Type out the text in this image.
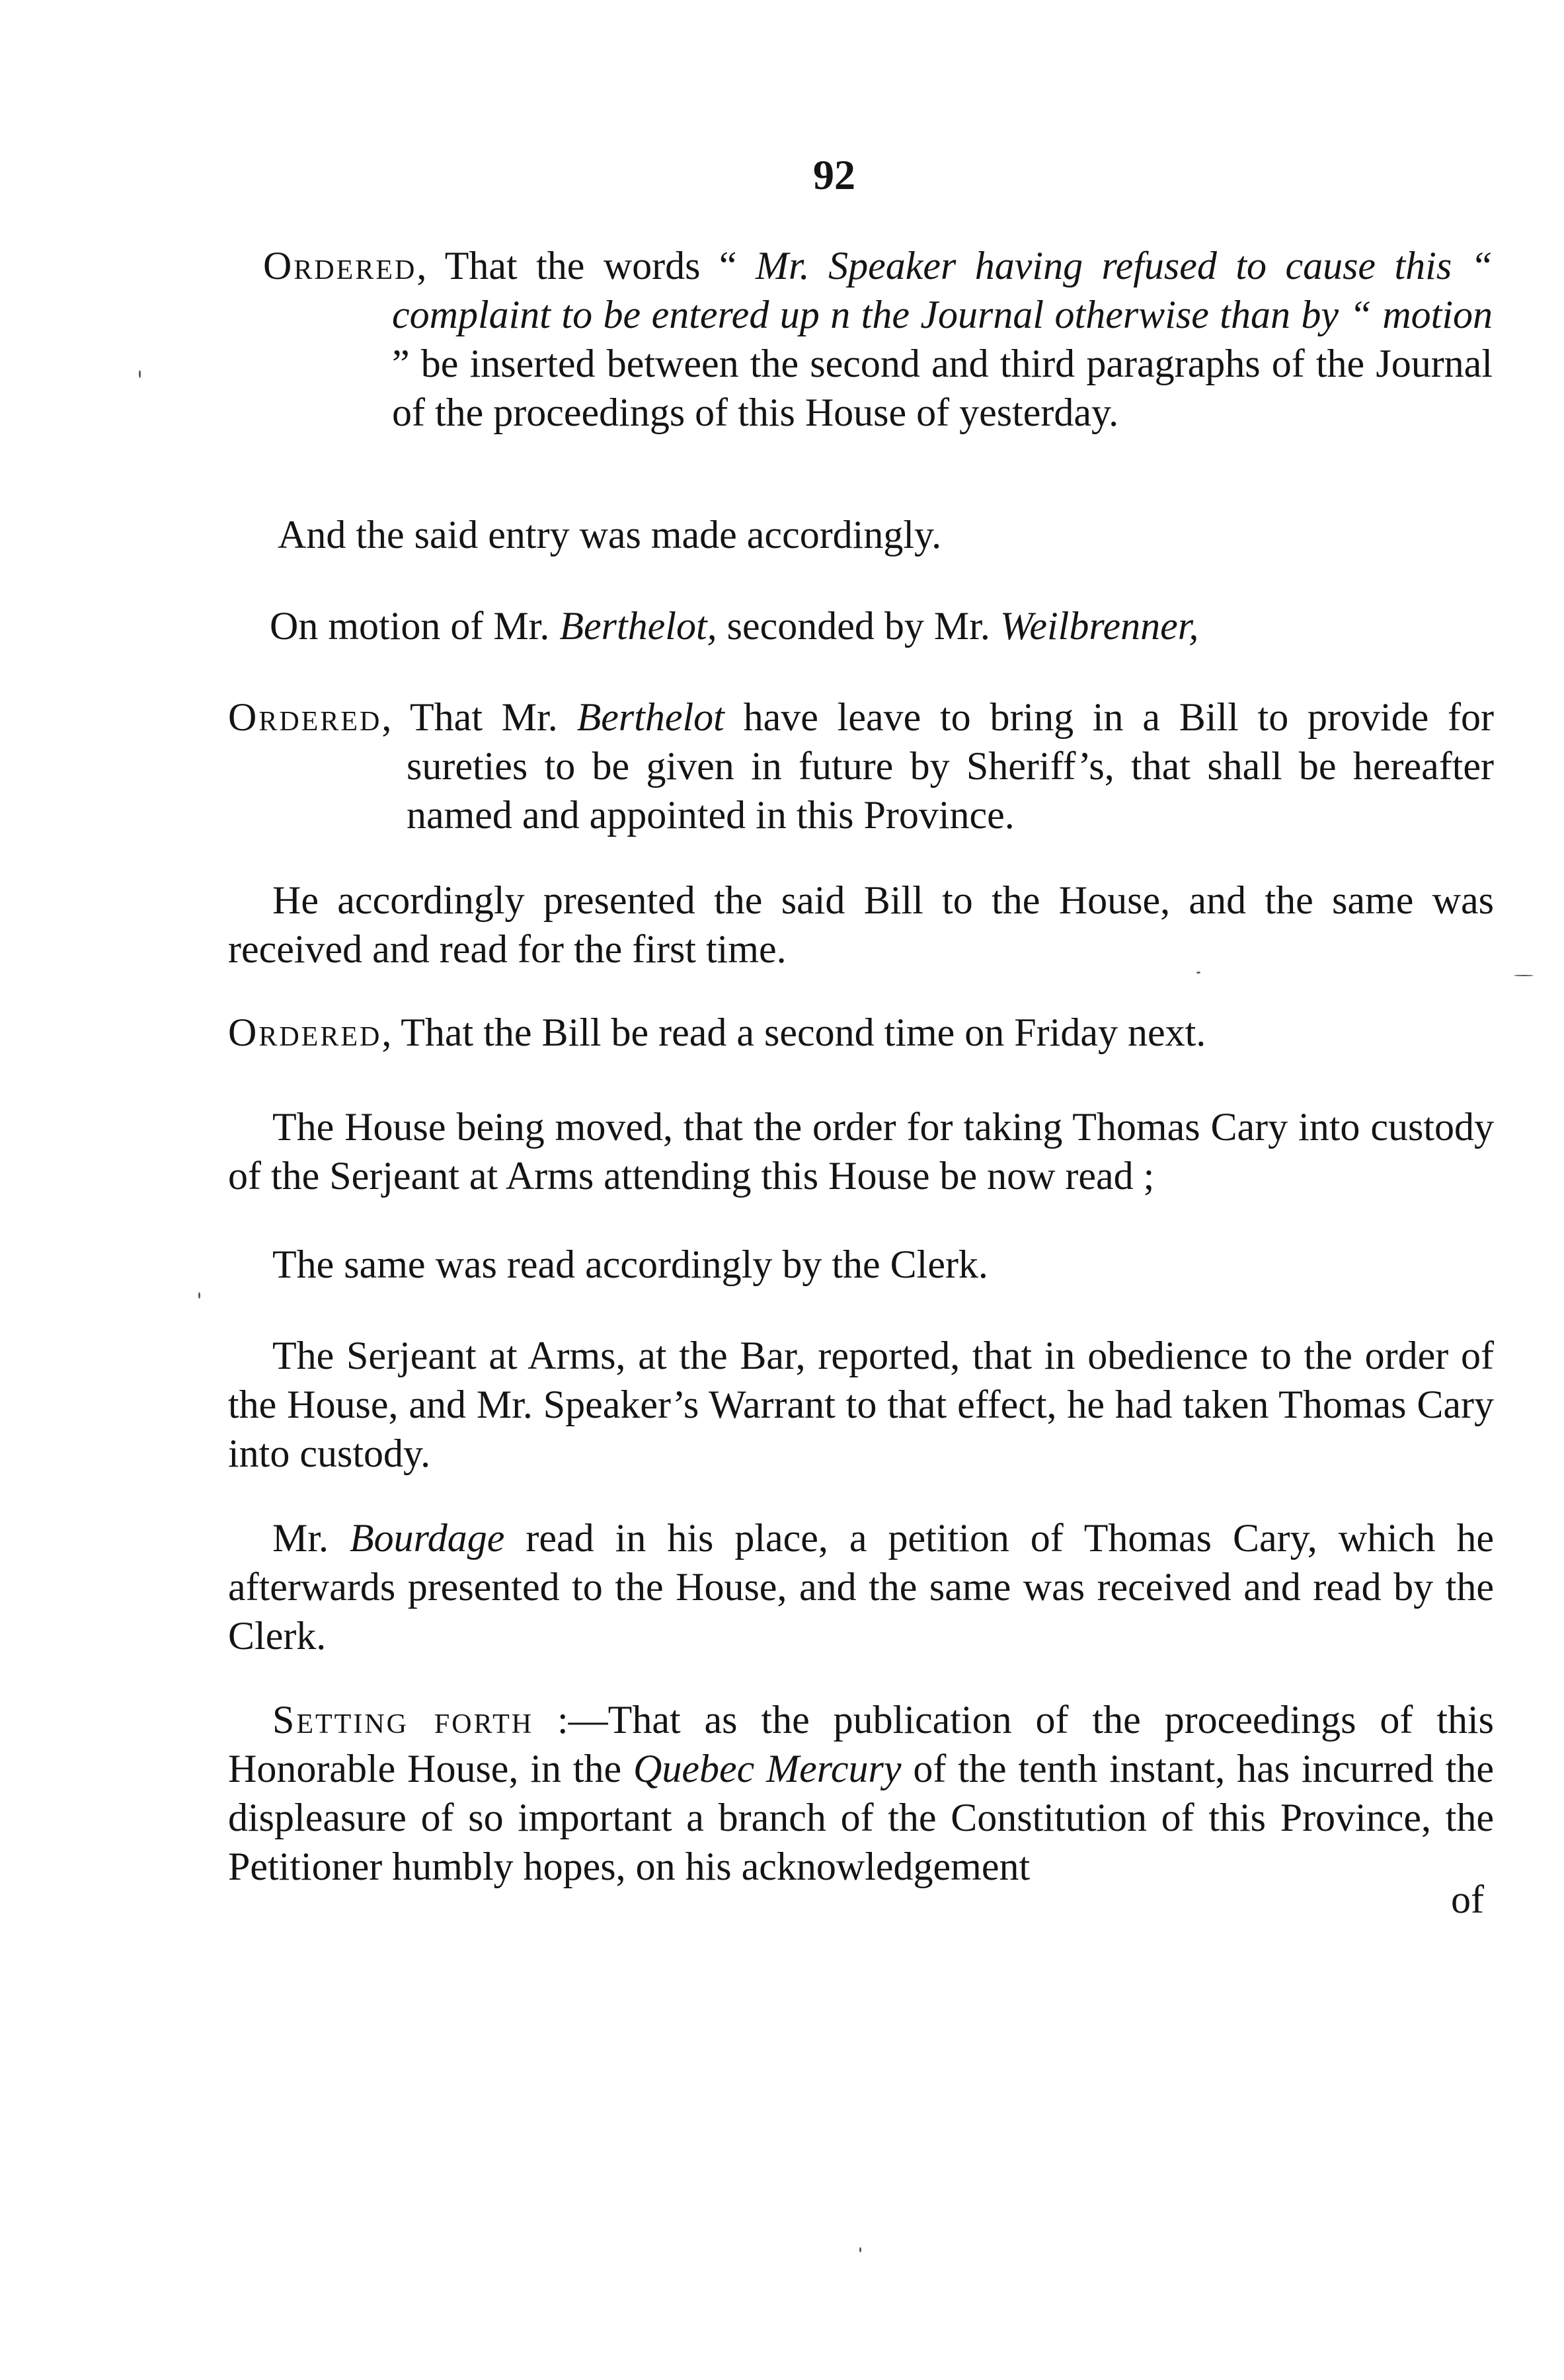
92
Ordered, That the words “ Mr. Speaker having refused to cause this “ complaint to be entered up n the Journal otherwise than by “ motion ” be inserted between the second and third paragraphs of the Journal of the proceedings of this House of yesterday.
And the said entry was made accordingly.
On motion of Mr. Berthelot, seconded by Mr. Weilbrenner,
Ordered, That Mr. Berthelot have leave to bring in a Bill to provide for sureties to be given in future by Sheriff’s, that shall be hereafter named and appointed in this Province.
He accordingly presented the said Bill to the House, and the same was received and read for the first time.
Ordered, That the Bill be read a second time on Friday next.
The House being moved, that the order for taking Thomas Cary into custody of the Serjeant at Arms attending this House be now read ;
The same was read accordingly by the Clerk.
The Serjeant at Arms, at the Bar, reported, that in obedience to the order of the House, and Mr. Speaker’s Warrant to that effect, he had taken Thomas Cary into custody.
Mr. Bourdage read in his place, a petition of Thomas Cary, which he afterwards presented to the House, and the same was received and read by the Clerk.
Setting forth :—That as the publication of the proceedings of this Honorable House, in the Quebec Mercury of the tenth instant, has incurred the displeasure of so important a branch of the Constitution of this Province, the Petitioner humbly hopes, on his acknowledgement
of
